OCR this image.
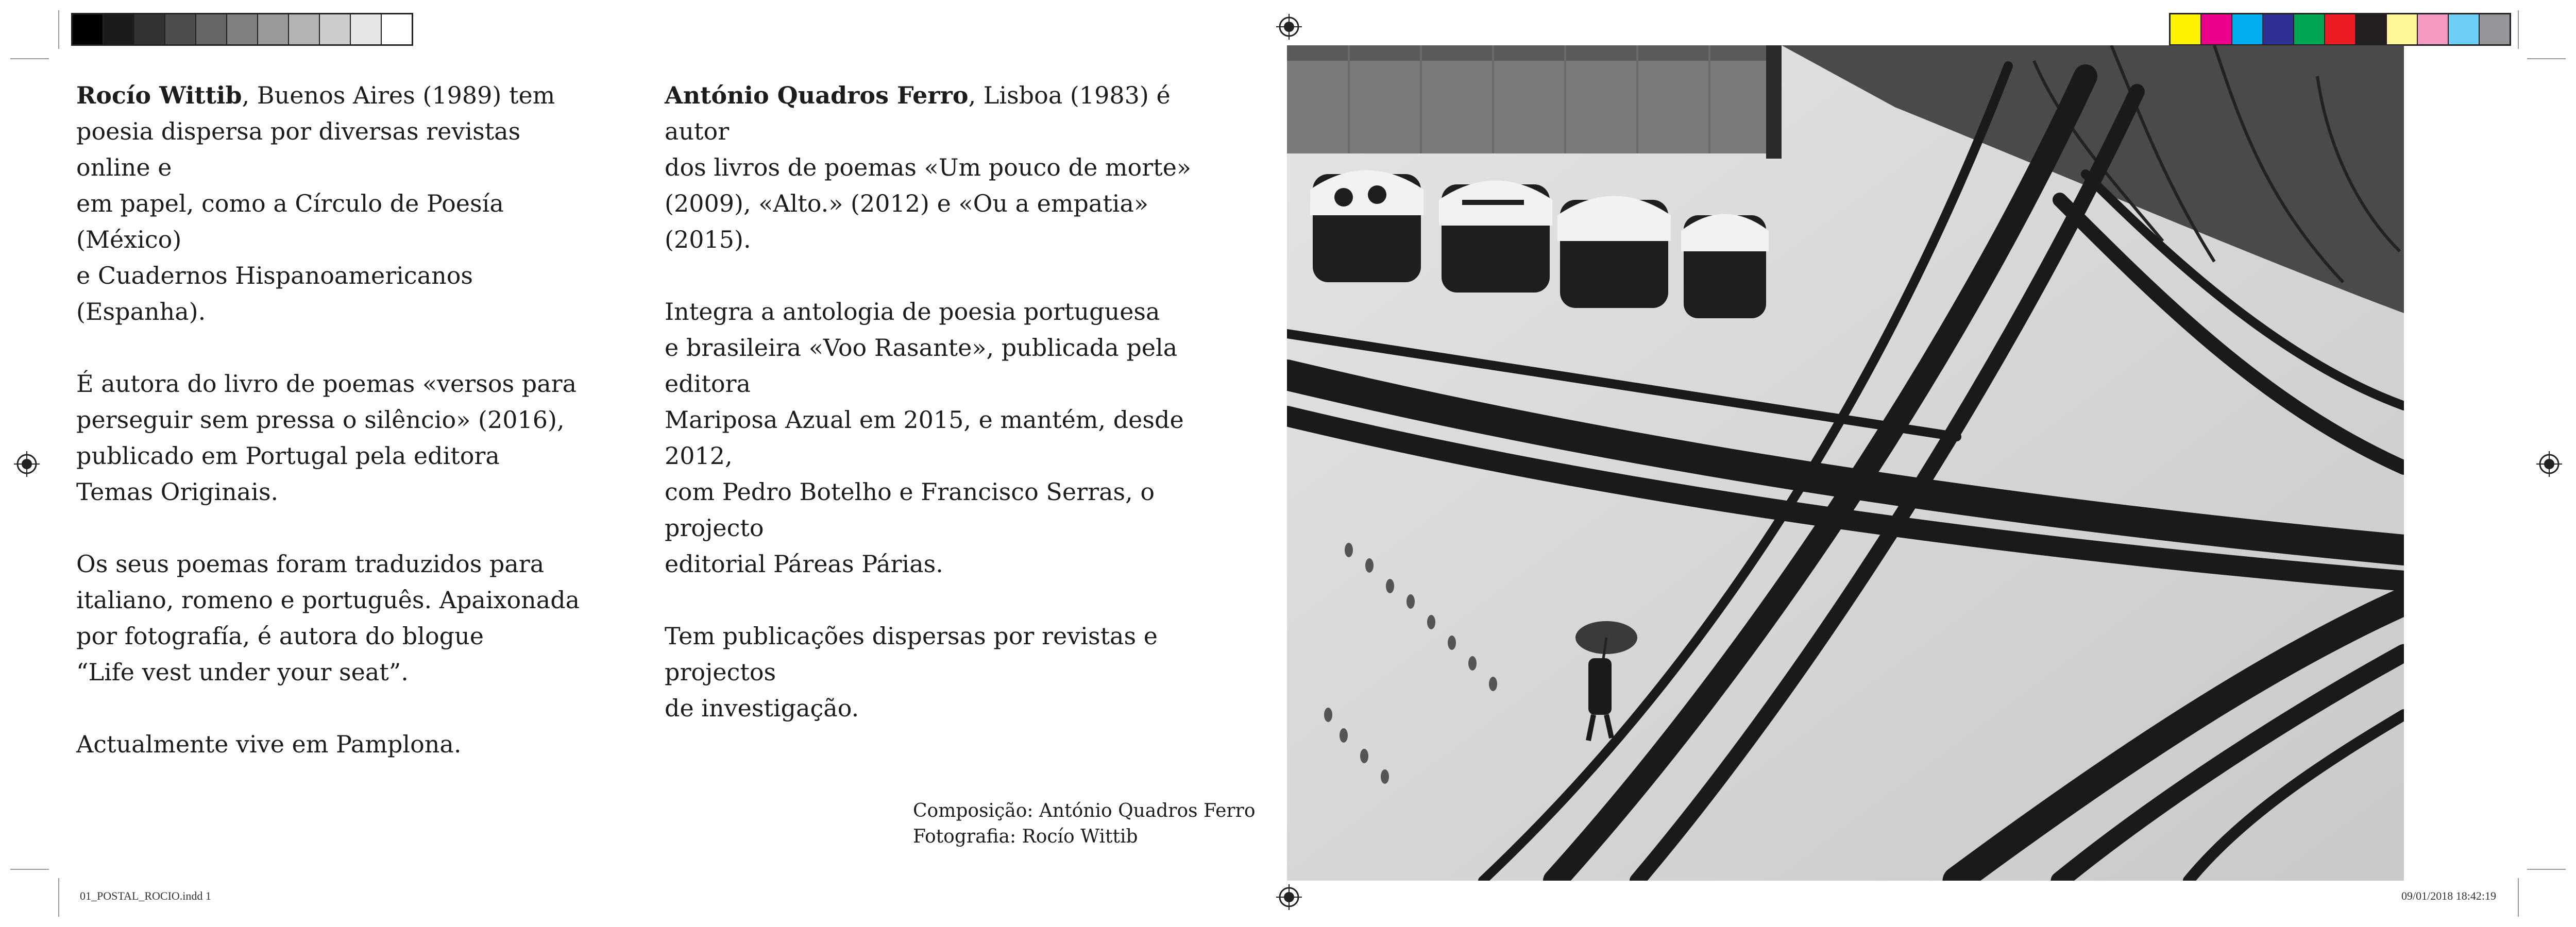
Rocío Wittib, Buenos Aires (1989) tem
poesia dispersa por diversas revistas online e
em papel, como a Círculo de Poesía (México)
e Cuadernos Hispanoamericanos (Espanha).

É autora do livro de poemas «versos para
perseguir sem pressa o silêncio» (2016),
publicado em Portugal pela editora
Temas Originais.

Os seus poemas foram traduzidos para
italiano, romeno e português. Apaixonada
por fotografía, é autora do blogue
“Life vest under your seat”.

Actualmente vive em Pamplona.

António Quadros Ferro, Lisboa (1983) é autor
dos livros de poemas «Um pouco de morte»
(2009), «Alto.» (2012) e «Ou a empatia» (2015).

Integra a antologia de poesia portuguesa
e brasileira «Voo Rasante», publicada pela editora
Mariposa Azual em 2015, e mantém, desde 2012,
com Pedro Botelho e Francisco Serras, o projecto
editorial Páreas Párias.

Tem publicações dispersas por revistas e projectos
de investigação.

Composição: António Quadros Ferro
Fotografia: Rocío Wittib
01_POSTAL_ROCIO.indd 1	09/01/2018 18:42:19
